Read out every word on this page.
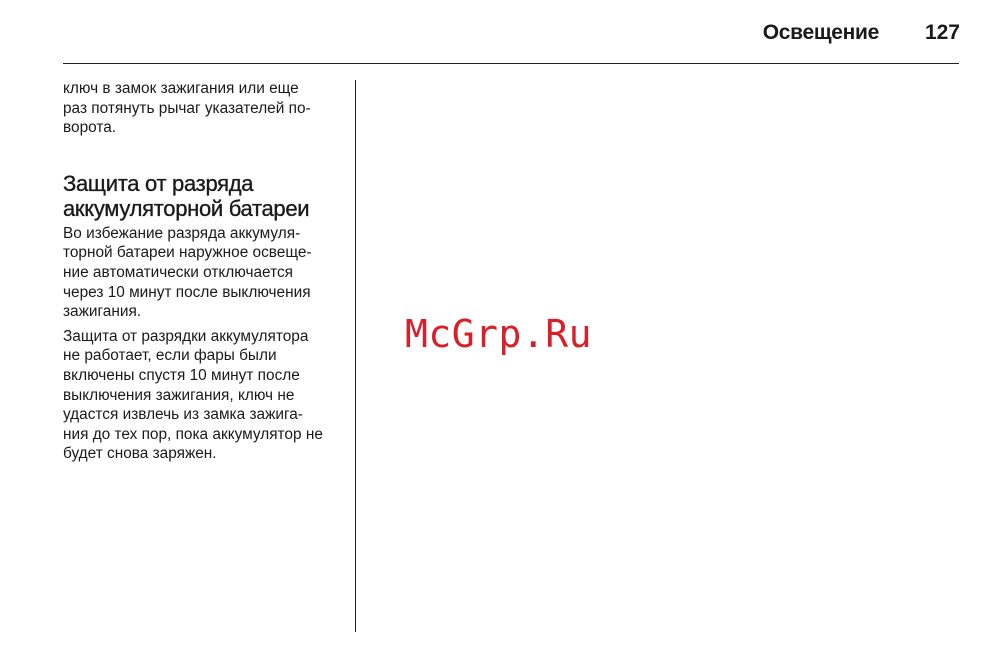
Освещение	127

ключ в замок зажигания или еще
раз потянуть рычаг указателей по-
ворота.

Защита от разряда
аккумуляторной батареи

Во избежание разряда аккумуля-
торной батареи наружное освеще-
ние автоматически отключается
через 10 минут после выключения
зажигания.

Защита от разрядки аккумулятора
не работает, если фары были
включены спустя 10 минут после
выключения зажигания, ключ не
удастся извлечь из замка зажига-
ния до тех пор, пока аккумулятор не
будет снова заряжен.

McGrp.Ru
